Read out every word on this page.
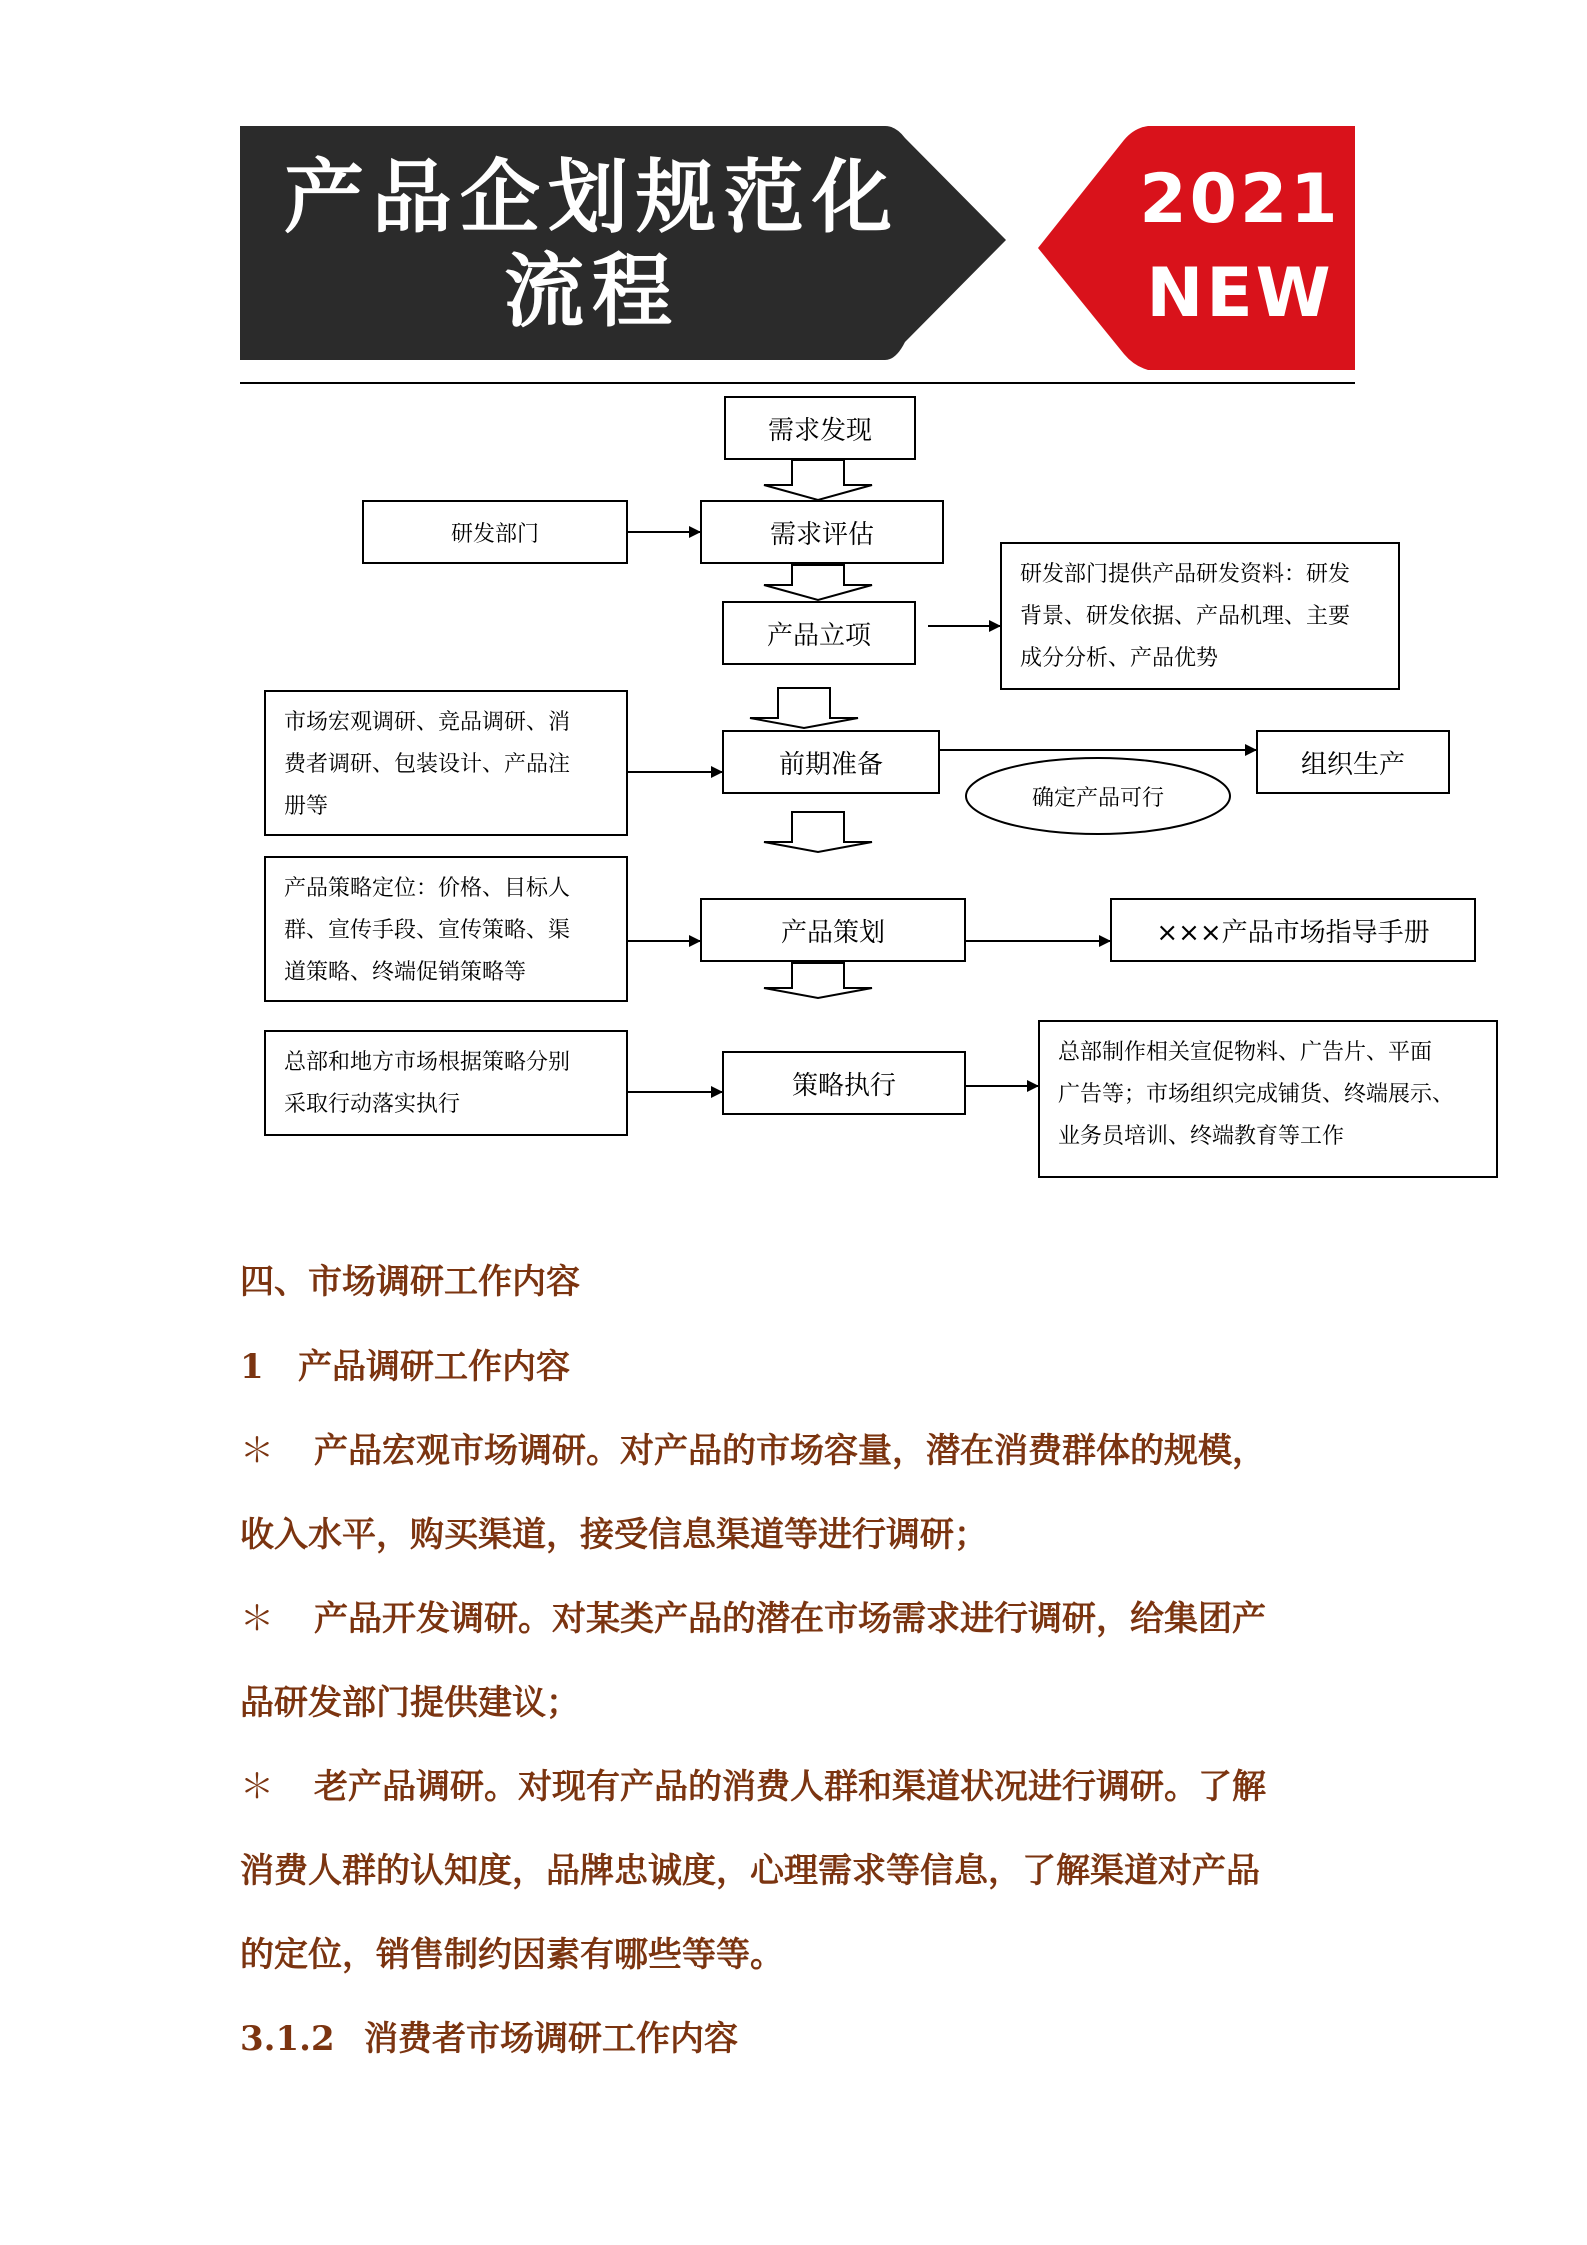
产品企划规范化
流程
2021
NEW
需求发现
研发部门	需求评估
产品立项
研发部门提供产品研发资料：研发
背景、研发依据、产品机理、主要
成分分析、产品优势
市场宏观调研、竞品调研、消
费者调研、包装设计、产品注
册等
前期准备	组织生产
确定产品可行
产品策略定位：价格、目标人
群、宣传手段、宣传策略、渠
道策略、终端促销策略等
产品策划	×××产品市场指导手册
总部和地方市场根据策略分别
采取行动落实执行
策略执行
总部制作相关宣促物料、广告片、平面
广告等；市场组织完成铺货、终端展示、
业务员培训、终端教育等工作

四、市场调研工作内容

1 产品调研工作内容

＊ 产品宏观市场调研。对产品的市场容量，潜在消费群体的规模，

收入水平，购买渠道，接受信息渠道等进行调研；

＊ 产品开发调研。对某类产品的潜在市场需求进行调研，给集团产

品研发部门提供建议；

＊ 老产品调研。对现有产品的消费人群和渠道状况进行调研。了解

消费人群的认知度，品牌忠诚度，心理需求等信息，了解渠道对产品

的定位，销售制约因素有哪些等等。

3.1.2 消费者市场调研工作内容
